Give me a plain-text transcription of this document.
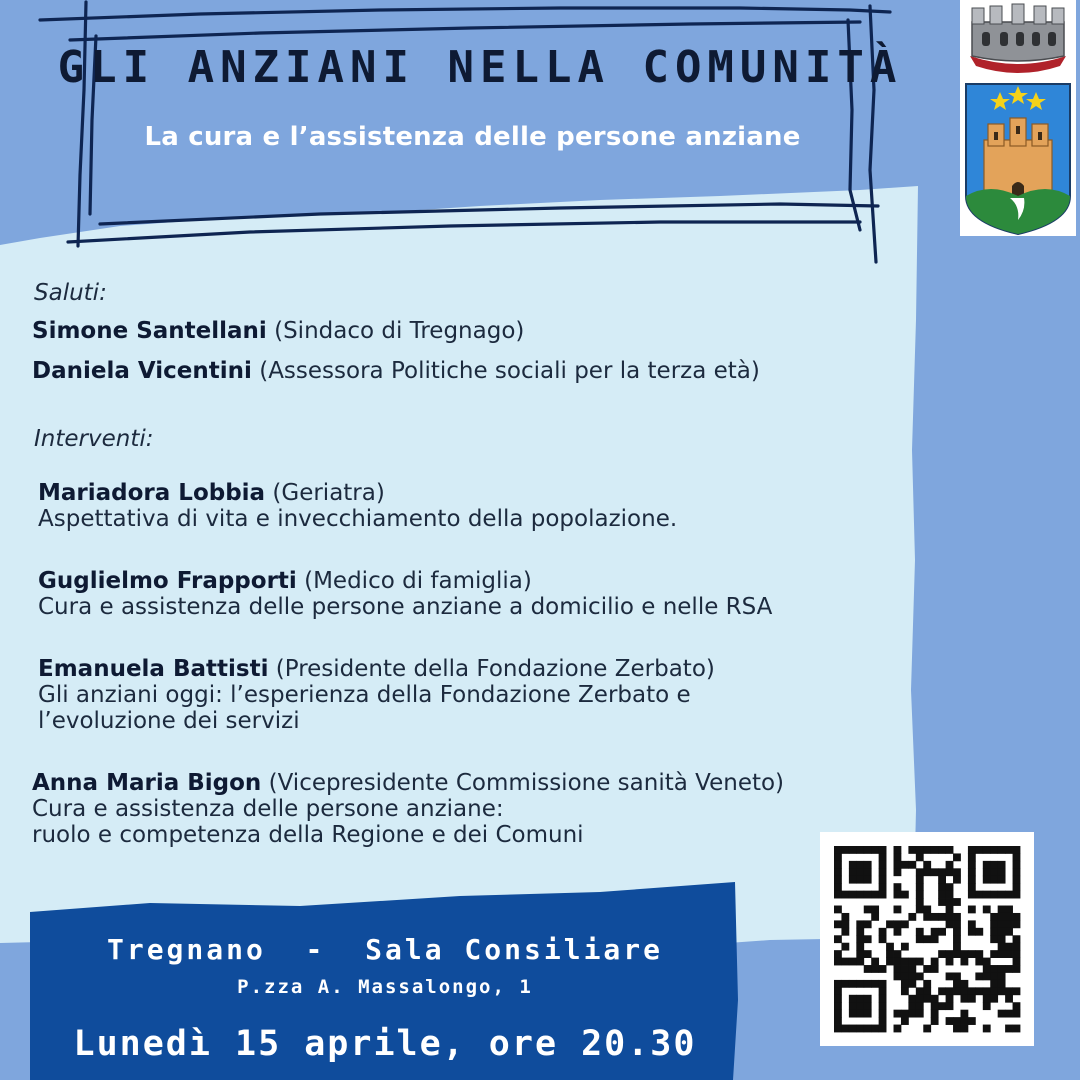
GLI ANZIANI NELLA COMUNITÀ
La cura e l’assistenza delle persone anziane

Saluti:

Simone Santellani (Sindaco di Tregnago)

Daniela Vicentini (Assessora Politiche sociali per la terza età)

Interventi:

Mariadora Lobbia (Geriatra)

Aspettativa di vita e invecchiamento della popolazione.

Guglielmo Frapporti (Medico di famiglia)

Cura e assistenza delle persone anziane a domicilio e nelle RSA

Emanuela Battisti (Presidente della Fondazione Zerbato)

Gli anziani oggi: l’esperienza della Fondazione Zerbato e

l’evoluzione dei servizi

Anna Maria Bigon (Vicepresidente Commissione sanità Veneto)

Cura e assistenza delle persone anziane:

ruolo e competenza della Regione e dei Comuni

Tregnano  -  Sala Consiliare

P.zza A. Massalongo, 1

Lunedì 15 aprile, ore 20.30
